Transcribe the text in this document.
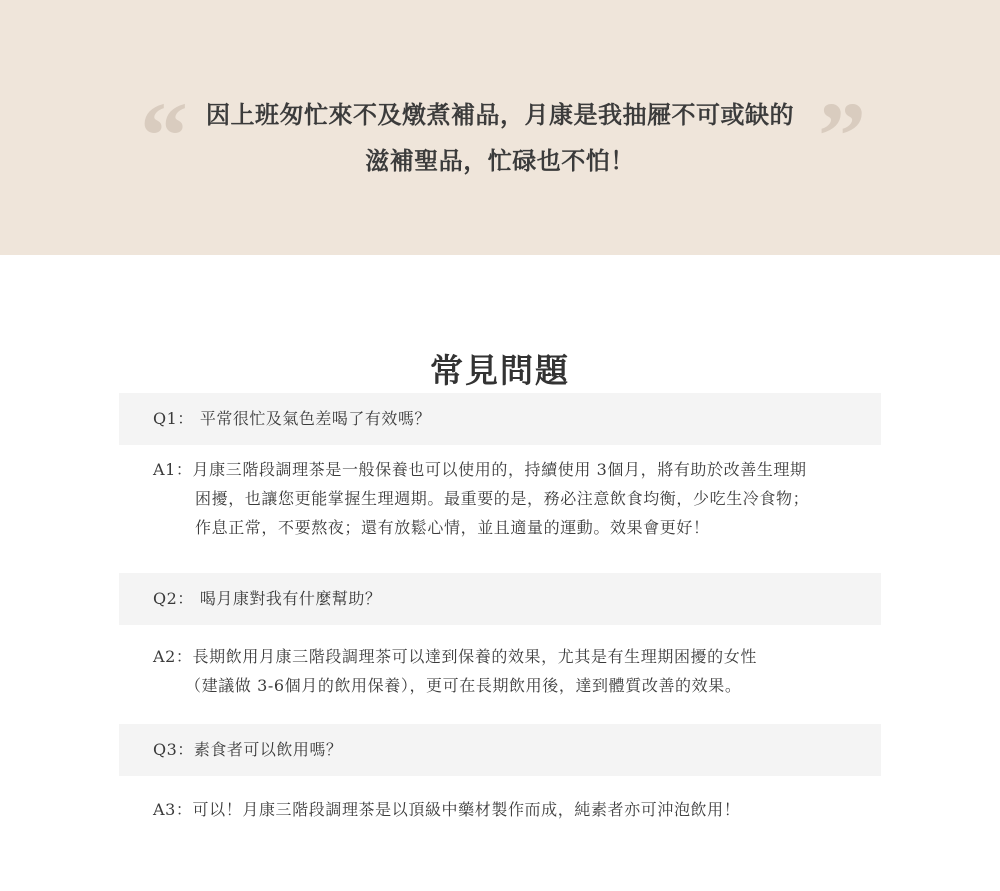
“ 因上班匆忙來不及燉煮補品，月康是我抽屜不可或缺的
滋補聖品，忙碌也不怕！	”
常見問題
Q1： 平常很忙及氣色差喝了有效嗎？
A1：月康三階段調理茶是一般保養也可以使用的，持續使用 3個月，將有助於改善生理期
困擾，也讓您更能掌握生理週期。最重要的是，務必注意飲食均衡，少吃生冷食物；
作息正常，不要熬夜；還有放鬆心情，並且適量的運動。效果會更好！
Q2： 喝月康對我有什麼幫助？
A2：長期飲用月康三階段調理茶可以達到保養的效果，尤其是有生理期困擾的女性
（建議做 3-6個月的飲用保養），更可在長期飲用後，達到體質改善的效果。
Q3：素食者可以飲用嗎？
A3：可以！月康三階段調理茶是以頂級中藥材製作而成，純素者亦可沖泡飲用！
